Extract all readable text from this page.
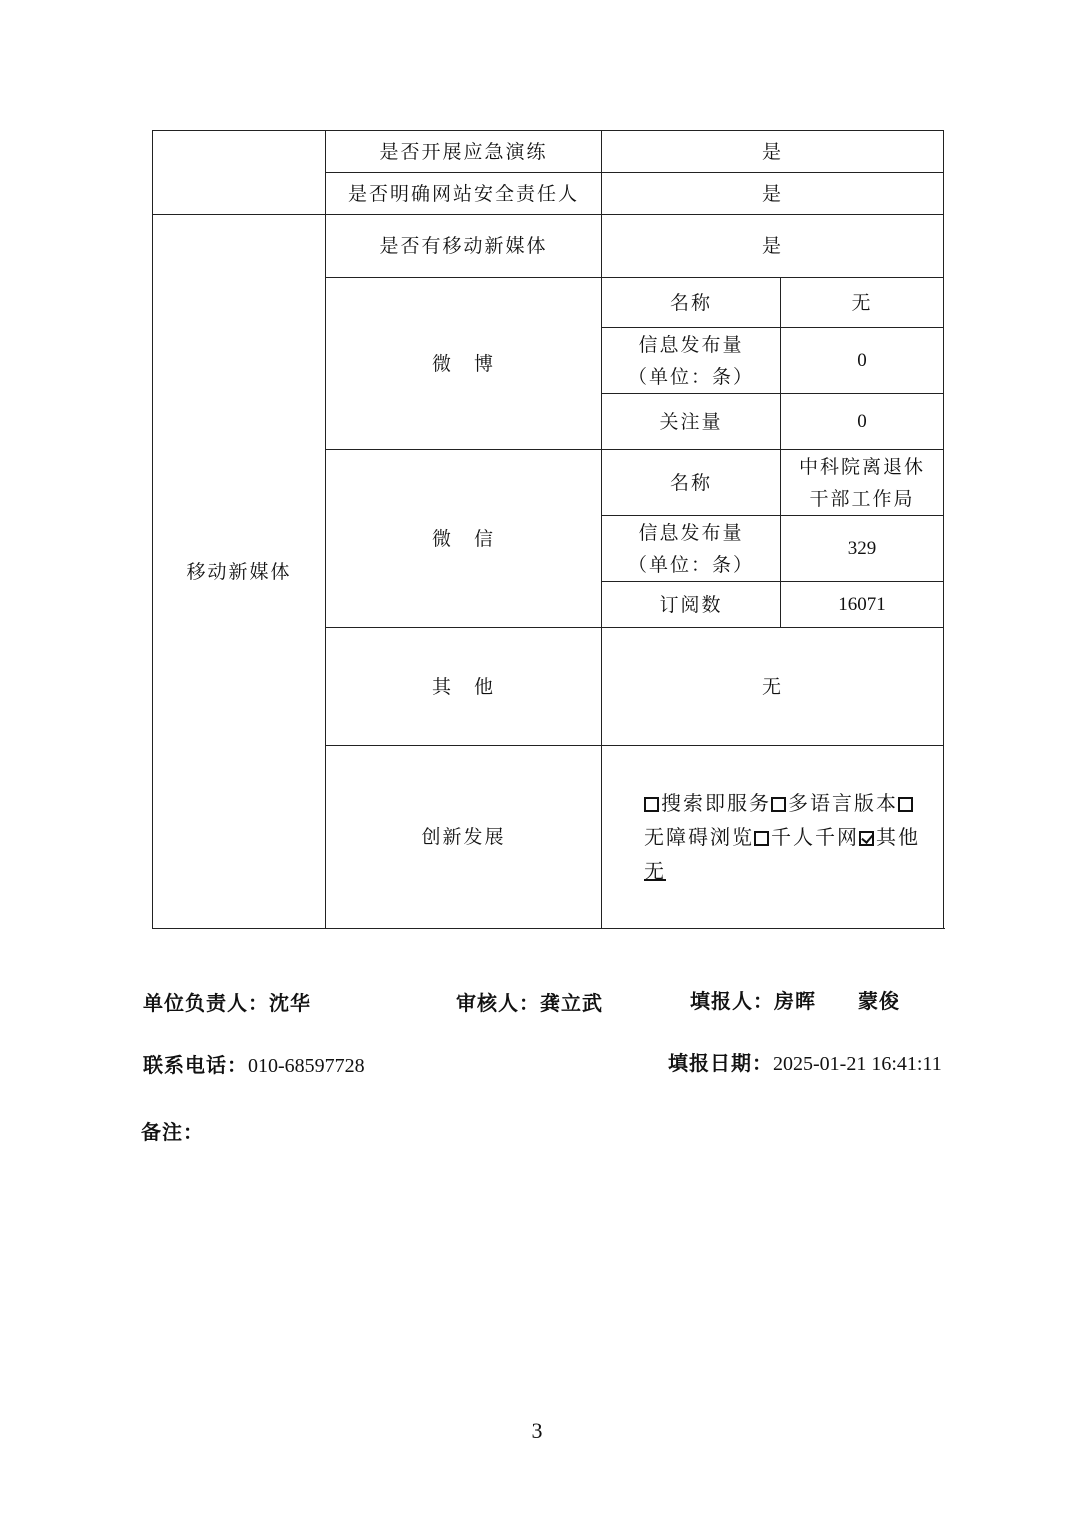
	是否开展应急演练	是	
	是否明确网站安全责任人	是	
移动新媒体	是否有移动新媒体	是	
	微　博	名称	无

		信息发布量
（单位：条）	0
		关注量	0
	微　信	名称	中科院离退休
干部工作局

		信息发布量
（单位：条）	329
		订阅数	16071
	其　他	无	
	创新发展	搜索即服务 多语言版本无障碍浏览 千人千网 其他
无	
单位负责人：沈华	审核人：龚立武	填报人：房晖　　蒙俊
联系电话：010-68597728	填报日期：2025-01-21 16:41:11
备注：
3
